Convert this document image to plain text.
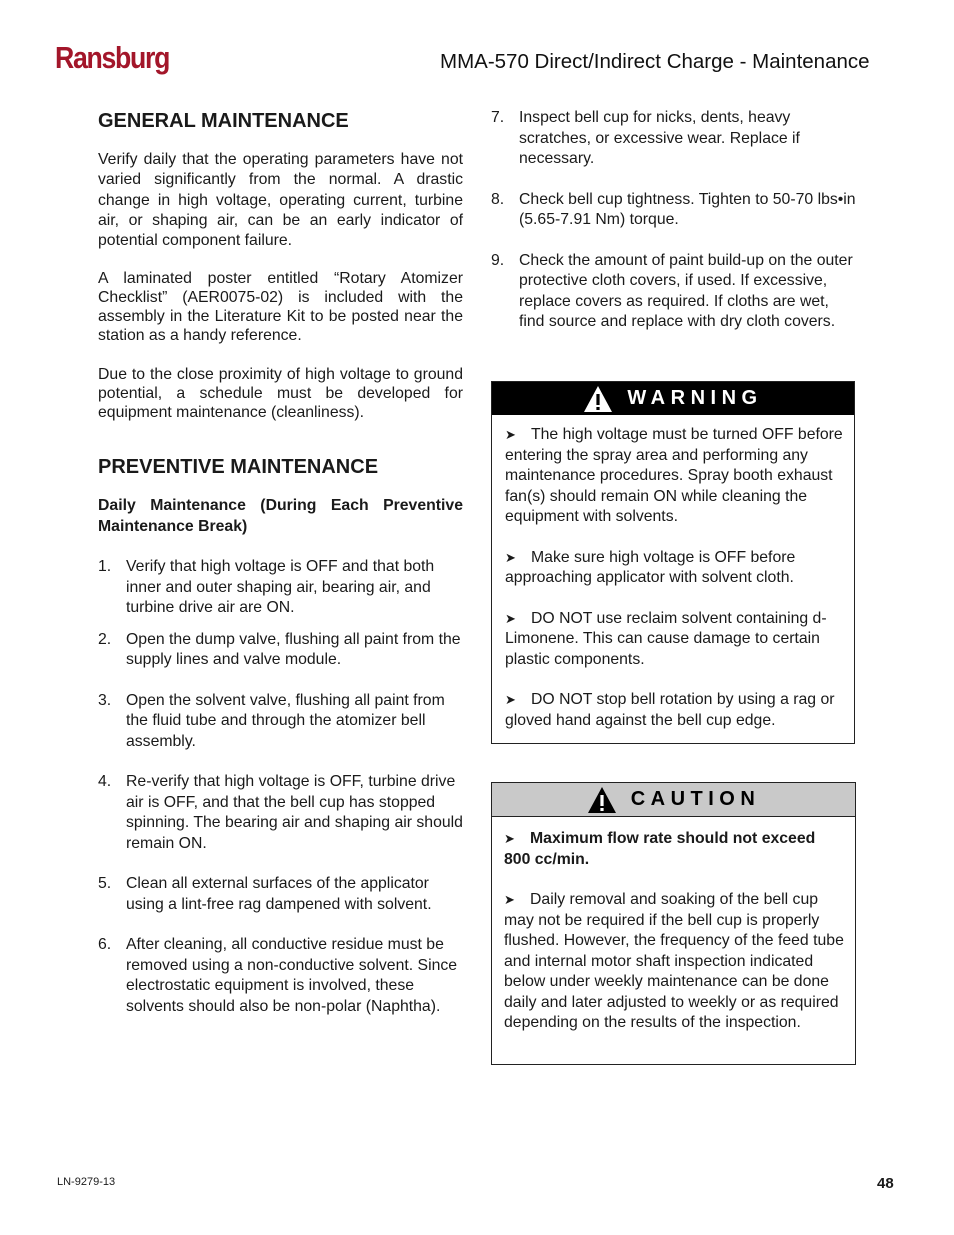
Ransburg	MMA-570 Direct/Indirect Charge - Maintenance
GENERAL MAINTENANCE

Verify daily that the operating parameters have not varied significantly from the normal. A drastic change in high voltage, operating current, turbine air, or shaping air, can be an early indicator of potential component failure.

A laminated poster entitled “Rotary Atomizer Checklist” (AER0075-02) is included with the assembly in the Literature Kit to be posted near the station as a handy reference.

Due to the close proximity of high voltage to ground potential, a schedule must be developed for equipment maintenance (cleanliness).

PREVENTIVE MAINTENANCE

Daily Maintenance (During Each Preventive Maintenance Break)

1. Verify that high voltage is OFF and that both inner and outer shaping air, bearing air, and turbine drive air are ON.
2. Open the dump valve, flushing all paint from the supply lines and valve module.
3. Open the solvent valve, flushing all paint from the fluid tube and through the atomizer bell assembly.
4. Re-verify that high voltage is OFF, turbine drive air is OFF, and that the bell cup has stopped spinning. The bearing air and shaping air should remain ON.
5. Clean all external surfaces of the applicator using a lint-free rag dampened with solvent.
6. After cleaning, all conductive residue must be removed using a non-conductive solvent. Since electrostatic equipment is involved, these solvents should also be non-polar (Naphtha).
7. Inspect bell cup for nicks, dents, heavy scratches, or excessive wear. Replace if necessary.
8. Check bell cup tightness. Tighten to 50-70 lbs•in (5.65-7.91 Nm) torque.
9. Check the amount of paint build-up on the outer protective cloth covers, if used. If excessive, replace covers as required. If cloths are wet, find source and replace with dry cloth covers.
WARNING

➤ The high voltage must be turned OFF before entering the spray area and performing any maintenance procedures. Spray booth exhaust fan(s) should remain ON while cleaning the equipment with solvents.

➤ Make sure high voltage is OFF before approaching applicator with solvent cloth.

➤ DO NOT use reclaim solvent containing d-Limonene. This can cause damage to certain plastic components.

➤ DO NOT stop bell rotation by using a rag or gloved hand against the bell cup edge.

CAUTION

➤ Maximum flow rate should not exceed 800 cc/min.

➤ Daily removal and soaking of the bell cup may not be required if the bell cup is properly flushed. However, the frequency of the feed tube and internal motor shaft inspection indicated below under weekly maintenance can be done daily and later adjusted to weekly or as required depending on the results of the inspection.

LN-9279-13	48
